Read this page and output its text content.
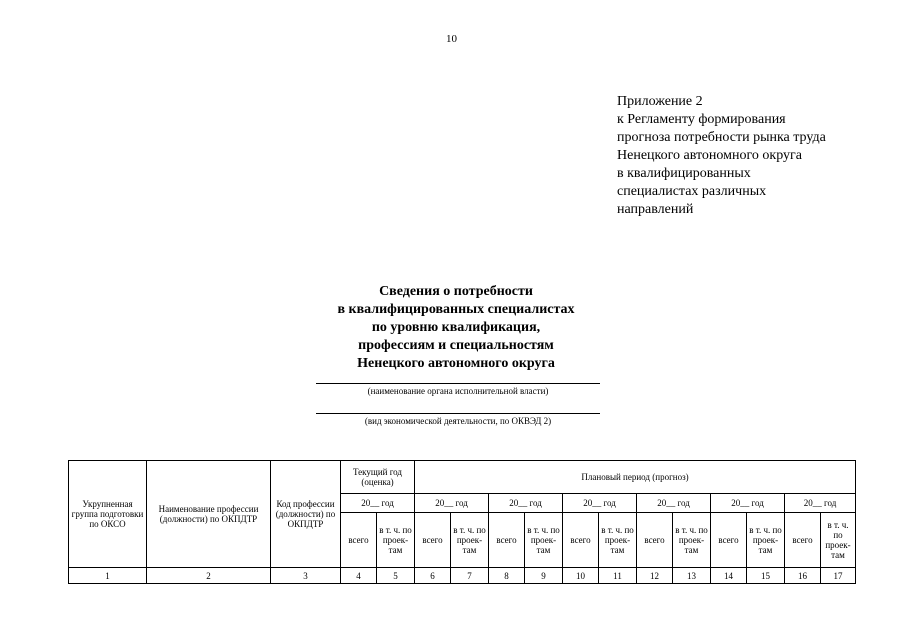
10
Приложение 2
к Регламенту формирования
прогноза потребности рынка труда
Ненецкого автономного округа
в квалифицированных
специалистах различных
направлений
Сведения о потребности
в квалифицированных специалистах
по уровню квалификация,
профессиям и специальностям
Ненецкого автономного округа
(наименование органа исполнительной власти)
(вид экономической деятельности, по ОКВЭД 2)
Укрупненная группа подготовки по ОКСО	Наименование профессии (должности) по ОКПДТР	Код профессии (должности) по ОКПДТР	Текущий год (оценка)		Плановый период (прогноз)											
			20__ год		20__ год		20__ год		20__ год		20__ год		20__ год		20__ год	
			всего	в т. ч. по проек- там	всего	в т. ч. по проек- там	всего	в т. ч. по проек- там	всего	в т. ч. по проек- там	всего	в т. ч. по проек- там	всего	в т. ч. по проек- там	всего	в т. ч. по проек- там
1	2	3	4	5	6	7	8	9	10	11	12	13	14	15	16	17
